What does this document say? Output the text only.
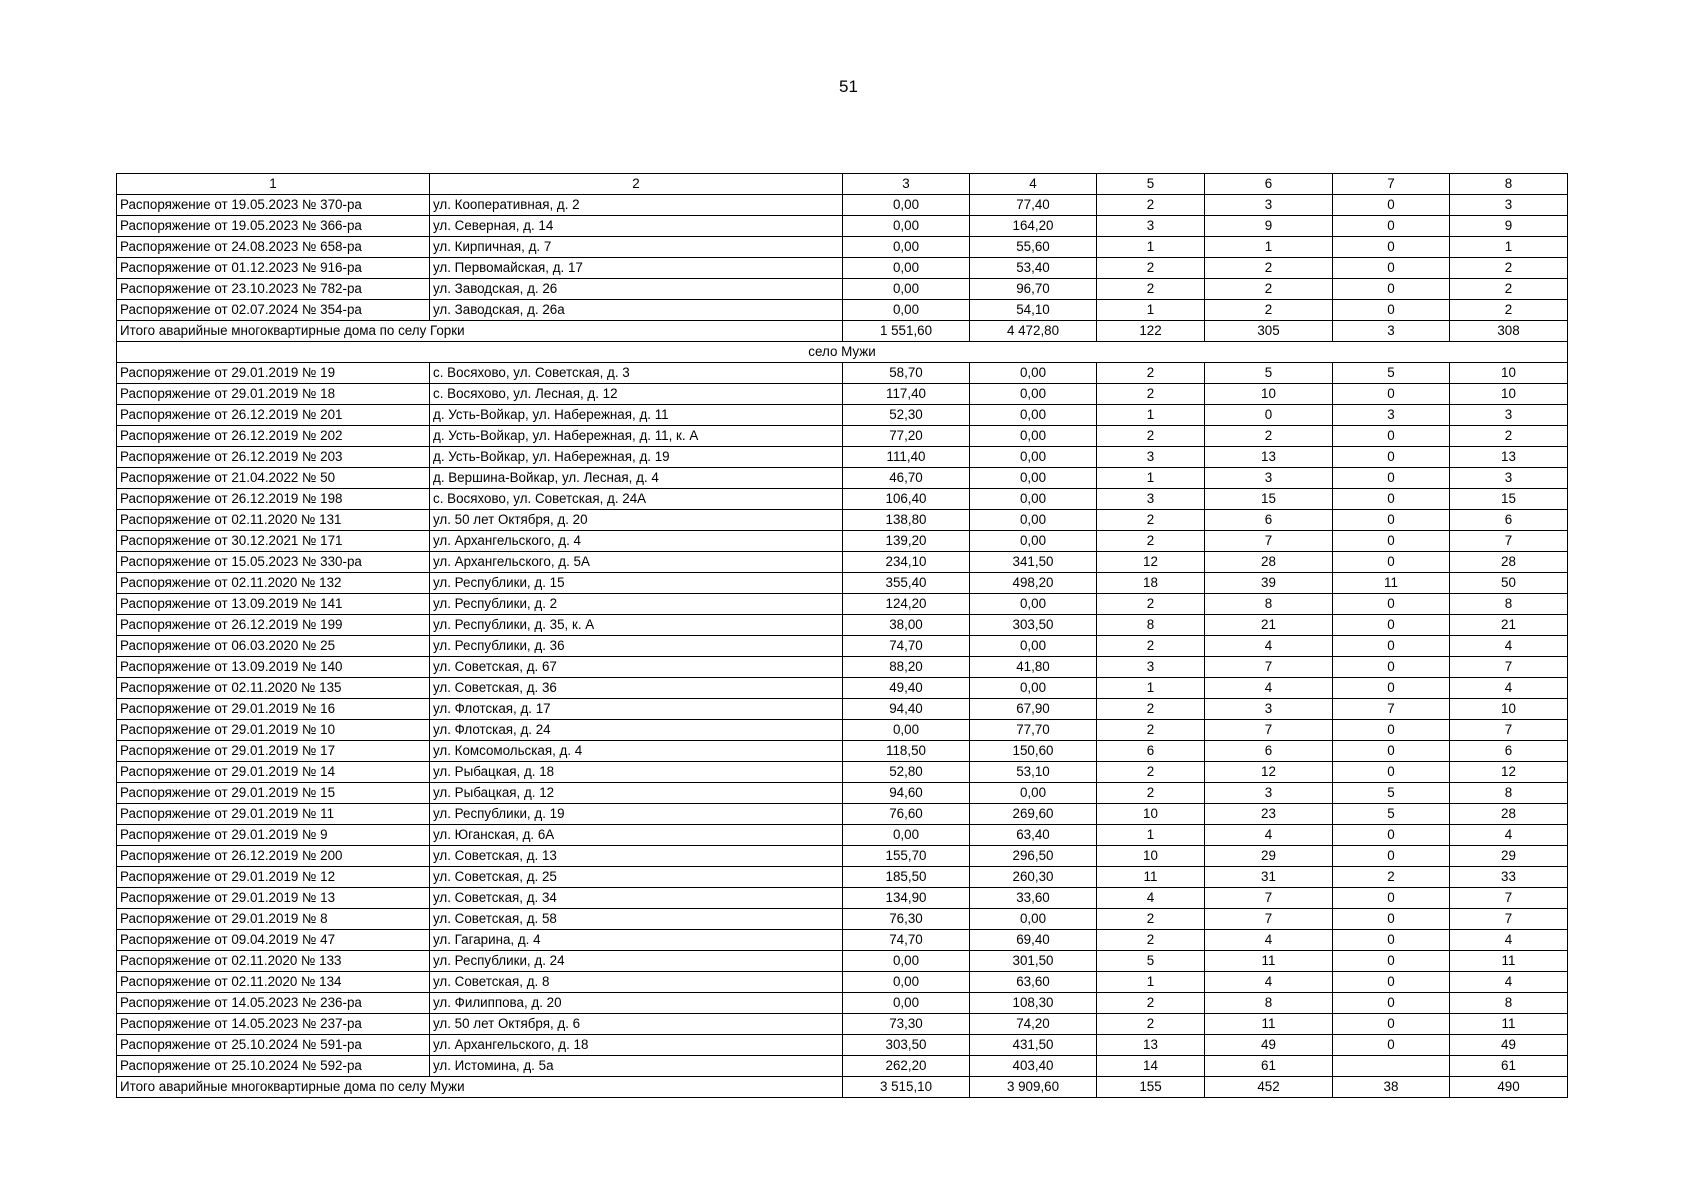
51
1	2	3	4	5	6	7	8
Распоряжение от 19.05.2023 № 370-ра	ул. Кооперативная, д. 2	0,00	77,40	2	3	0	3
Распоряжение от 19.05.2023 № 366-ра	ул. Северная, д. 14	0,00	164,20	3	9	0	9
Распоряжение от 24.08.2023 № 658-ра	ул. Кирпичная, д. 7	0,00	55,60	1	1	0	1
Распоряжение от 01.12.2023 № 916-ра	ул. Первомайская, д. 17	0,00	53,40	2	2	0	2
Распоряжение от 23.10.2023 № 782-ра	ул. Заводская, д. 26	0,00	96,70	2	2	0	2
Распоряжение от 02.07.2024 № 354-ра	ул. Заводская, д. 26а	0,00	54,10	1	2	0	2
Итого аварийные многоквартирные дома по селу Горки		1 551,60	4 472,80	122	305	3	308
село Мужи							
Распоряжение от 29.01.2019 № 19	с. Восяхово, ул. Советская, д. 3	58,70	0,00	2	5	5	10
Распоряжение от 29.01.2019 № 18	с. Восяхово, ул. Лесная, д. 12	117,40	0,00	2	10	0	10
Распоряжение от 26.12.2019 № 201	д. Усть-Войкар, ул. Набережная, д. 11	52,30	0,00	1	0	3	3
Распоряжение от 26.12.2019 № 202	д. Усть-Войкар, ул. Набережная, д. 11, к. А	77,20	0,00	2	2	0	2
Распоряжение от 26.12.2019 № 203	д. Усть-Войкар, ул. Набережная, д. 19	111,40	0,00	3	13	0	13
Распоряжение от 21.04.2022 № 50	д. Вершина-Войкар, ул. Лесная, д. 4	46,70	0,00	1	3	0	3
Распоряжение от 26.12.2019 № 198	с. Восяхово, ул. Советская, д. 24А	106,40	0,00	3	15	0	15
Распоряжение от 02.11.2020 № 131	ул. 50 лет Октября, д. 20	138,80	0,00	2	6	0	6
Распоряжение от 30.12.2021 № 171	ул. Архангельского, д. 4	139,20	0,00	2	7	0	7
Распоряжение от 15.05.2023 № 330-ра	ул. Архангельского, д. 5А	234,10	341,50	12	28	0	28
Распоряжение от 02.11.2020 № 132	ул. Республики, д. 15	355,40	498,20	18	39	11	50
Распоряжение от 13.09.2019 № 141	ул. Республики, д. 2	124,20	0,00	2	8	0	8
Распоряжение от 26.12.2019 № 199	ул. Республики, д. 35, к. А	38,00	303,50	8	21	0	21
Распоряжение от 06.03.2020 № 25	ул. Республики, д. 36	74,70	0,00	2	4	0	4
Распоряжение от 13.09.2019 № 140	ул. Советская, д. 67	88,20	41,80	3	7	0	7
Распоряжение от 02.11.2020 № 135	ул. Советская, д. 36	49,40	0,00	1	4	0	4
Распоряжение от 29.01.2019 № 16	ул. Флотская, д. 17	94,40	67,90	2	3	7	10
Распоряжение от 29.01.2019 № 10	ул. Флотская, д. 24	0,00	77,70	2	7	0	7
Распоряжение от 29.01.2019 № 17	ул. Комсомольская, д. 4	118,50	150,60	6	6	0	6
Распоряжение от 29.01.2019 № 14	ул. Рыбацкая, д. 18	52,80	53,10	2	12	0	12
Распоряжение от 29.01.2019 № 15	ул. Рыбацкая, д. 12	94,60	0,00	2	3	5	8
Распоряжение от 29.01.2019 № 11	ул. Республики, д. 19	76,60	269,60	10	23	5	28
Распоряжение от 29.01.2019 № 9	ул. Юганская, д. 6А	0,00	63,40	1	4	0	4
Распоряжение от 26.12.2019 № 200	ул. Советская, д. 13	155,70	296,50	10	29	0	29
Распоряжение от 29.01.2019 № 12	ул. Советская, д. 25	185,50	260,30	11	31	2	33
Распоряжение от 29.01.2019 № 13	ул. Советская, д. 34	134,90	33,60	4	7	0	7
Распоряжение от 29.01.2019 № 8	ул. Советская, д. 58	76,30	0,00	2	7	0	7
Распоряжение от 09.04.2019 № 47	ул. Гагарина, д. 4	74,70	69,40	2	4	0	4
Распоряжение от 02.11.2020 № 133	ул. Республики, д. 24	0,00	301,50	5	11	0	11
Распоряжение от 02.11.2020 № 134	ул. Советская, д. 8	0,00	63,60	1	4	0	4
Распоряжение от 14.05.2023 № 236-ра	ул. Филиппова, д. 20	0,00	108,30	2	8	0	8
Распоряжение от 14.05.2023 № 237-ра	ул. 50 лет Октября, д. 6	73,30	74,20	2	11	0	11
Распоряжение от 25.10.2024 № 591-ра	ул. Архангельского, д. 18	303,50	431,50	13	49	0	49
Распоряжение от 25.10.2024 № 592-ра	ул. Истомина, д. 5а	262,20	403,40	14	61		61
Итого аварийные многоквартирные дома по селу Мужи		3 515,10	3 909,60	155	452	38	490
